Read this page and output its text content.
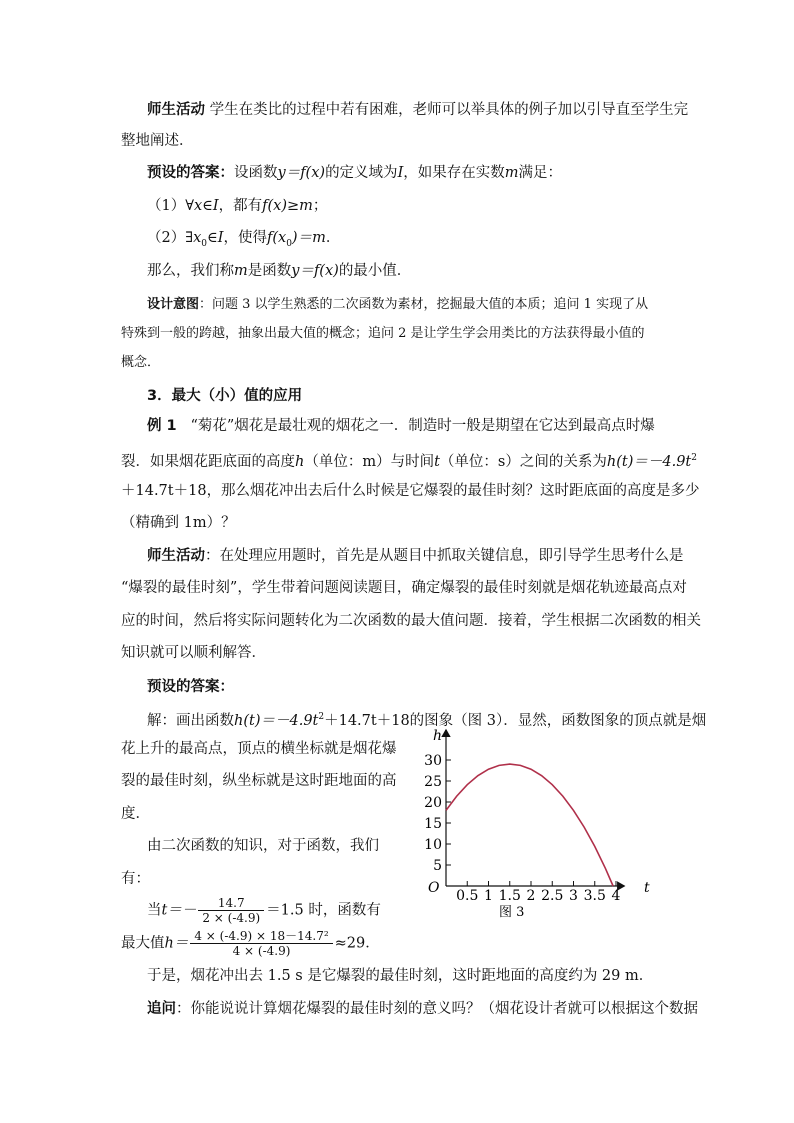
师生活动 学生在类比的过程中若有困难，老师可以举具体的例子加以引导直至学生完
整地阐述．
预设的答案：设函数y＝f(x)的定义域为I，如果存在实数m满足：
（1）∀x∈I，都有f(x)≥m；
$(2)\exists x_0\in I$，使得$f(x_0)=m$．
那么，我们称m是函数y＝f(x)的最小值．
设计意图：问题 3 以学生熟悉的二次函数为素材，挖掘最大值的本质；追问 1 实现了从
特殊到一般的跨越，抽象出最大值的概念；追问 2 是让学生学会用类比的方法获得最小值的
概念．
3．最大（小）值的应用
例 1 “菊花”烟花是最壮观的烟花之一．制造时一般是期望在它达到最高点时爆
裂．如果烟花距底面的高度h（单位：m）与时间t（单位：s）之间的关系为$h(t)=-4.9t^2$
＋14.7t＋18，那么烟花冲出去后什么时候是它爆裂的最佳时刻？这时距底面的高度是多少
（精确到 1m）？
师生活动：在处理应用题时，首先是从题目中抓取关键信息，即引导学生思考什么是
“爆裂的最佳时刻”，学生带着问题阅读题目，确定爆裂的最佳时刻就是烟花轨迹最高点对
应的时间，然后将实际问题转化为二次函数的最大值问题．接着，学生根据二次函数的相关
知识就可以顺利解答．
预设的答案：
解：画出函数$h(t)=-4.9t^2+14.7t+18$的图象（图 3）．显然，函数图象的顶点就是烟
花上升的最高点，顶点的横坐标就是烟花爆
裂的最佳时刻，纵坐标就是这时距地面的高
度．
由二次函数的知识，对于函数，我们
有：
当$t=- \frac{14.7}{2 \times (-4.9)} =1.5$ 时，函数有
最大值$h= \frac{\text{4 × (-4.9) × 18－14.7²}}{4 \times (-4.9)} \approx 29$．
于是，烟花冲出去 1.5 s 是它爆裂的最佳时刻，这时距地面的高度约为 29 m．
追问：你能说说计算烟花爆裂的最佳时刻的意义吗？（烟花设计者就可以根据这个数据
0.5 1 1.5 2 2.5 3 3.5 4
5
10
15
20
25
30
h
t
O
图 3
